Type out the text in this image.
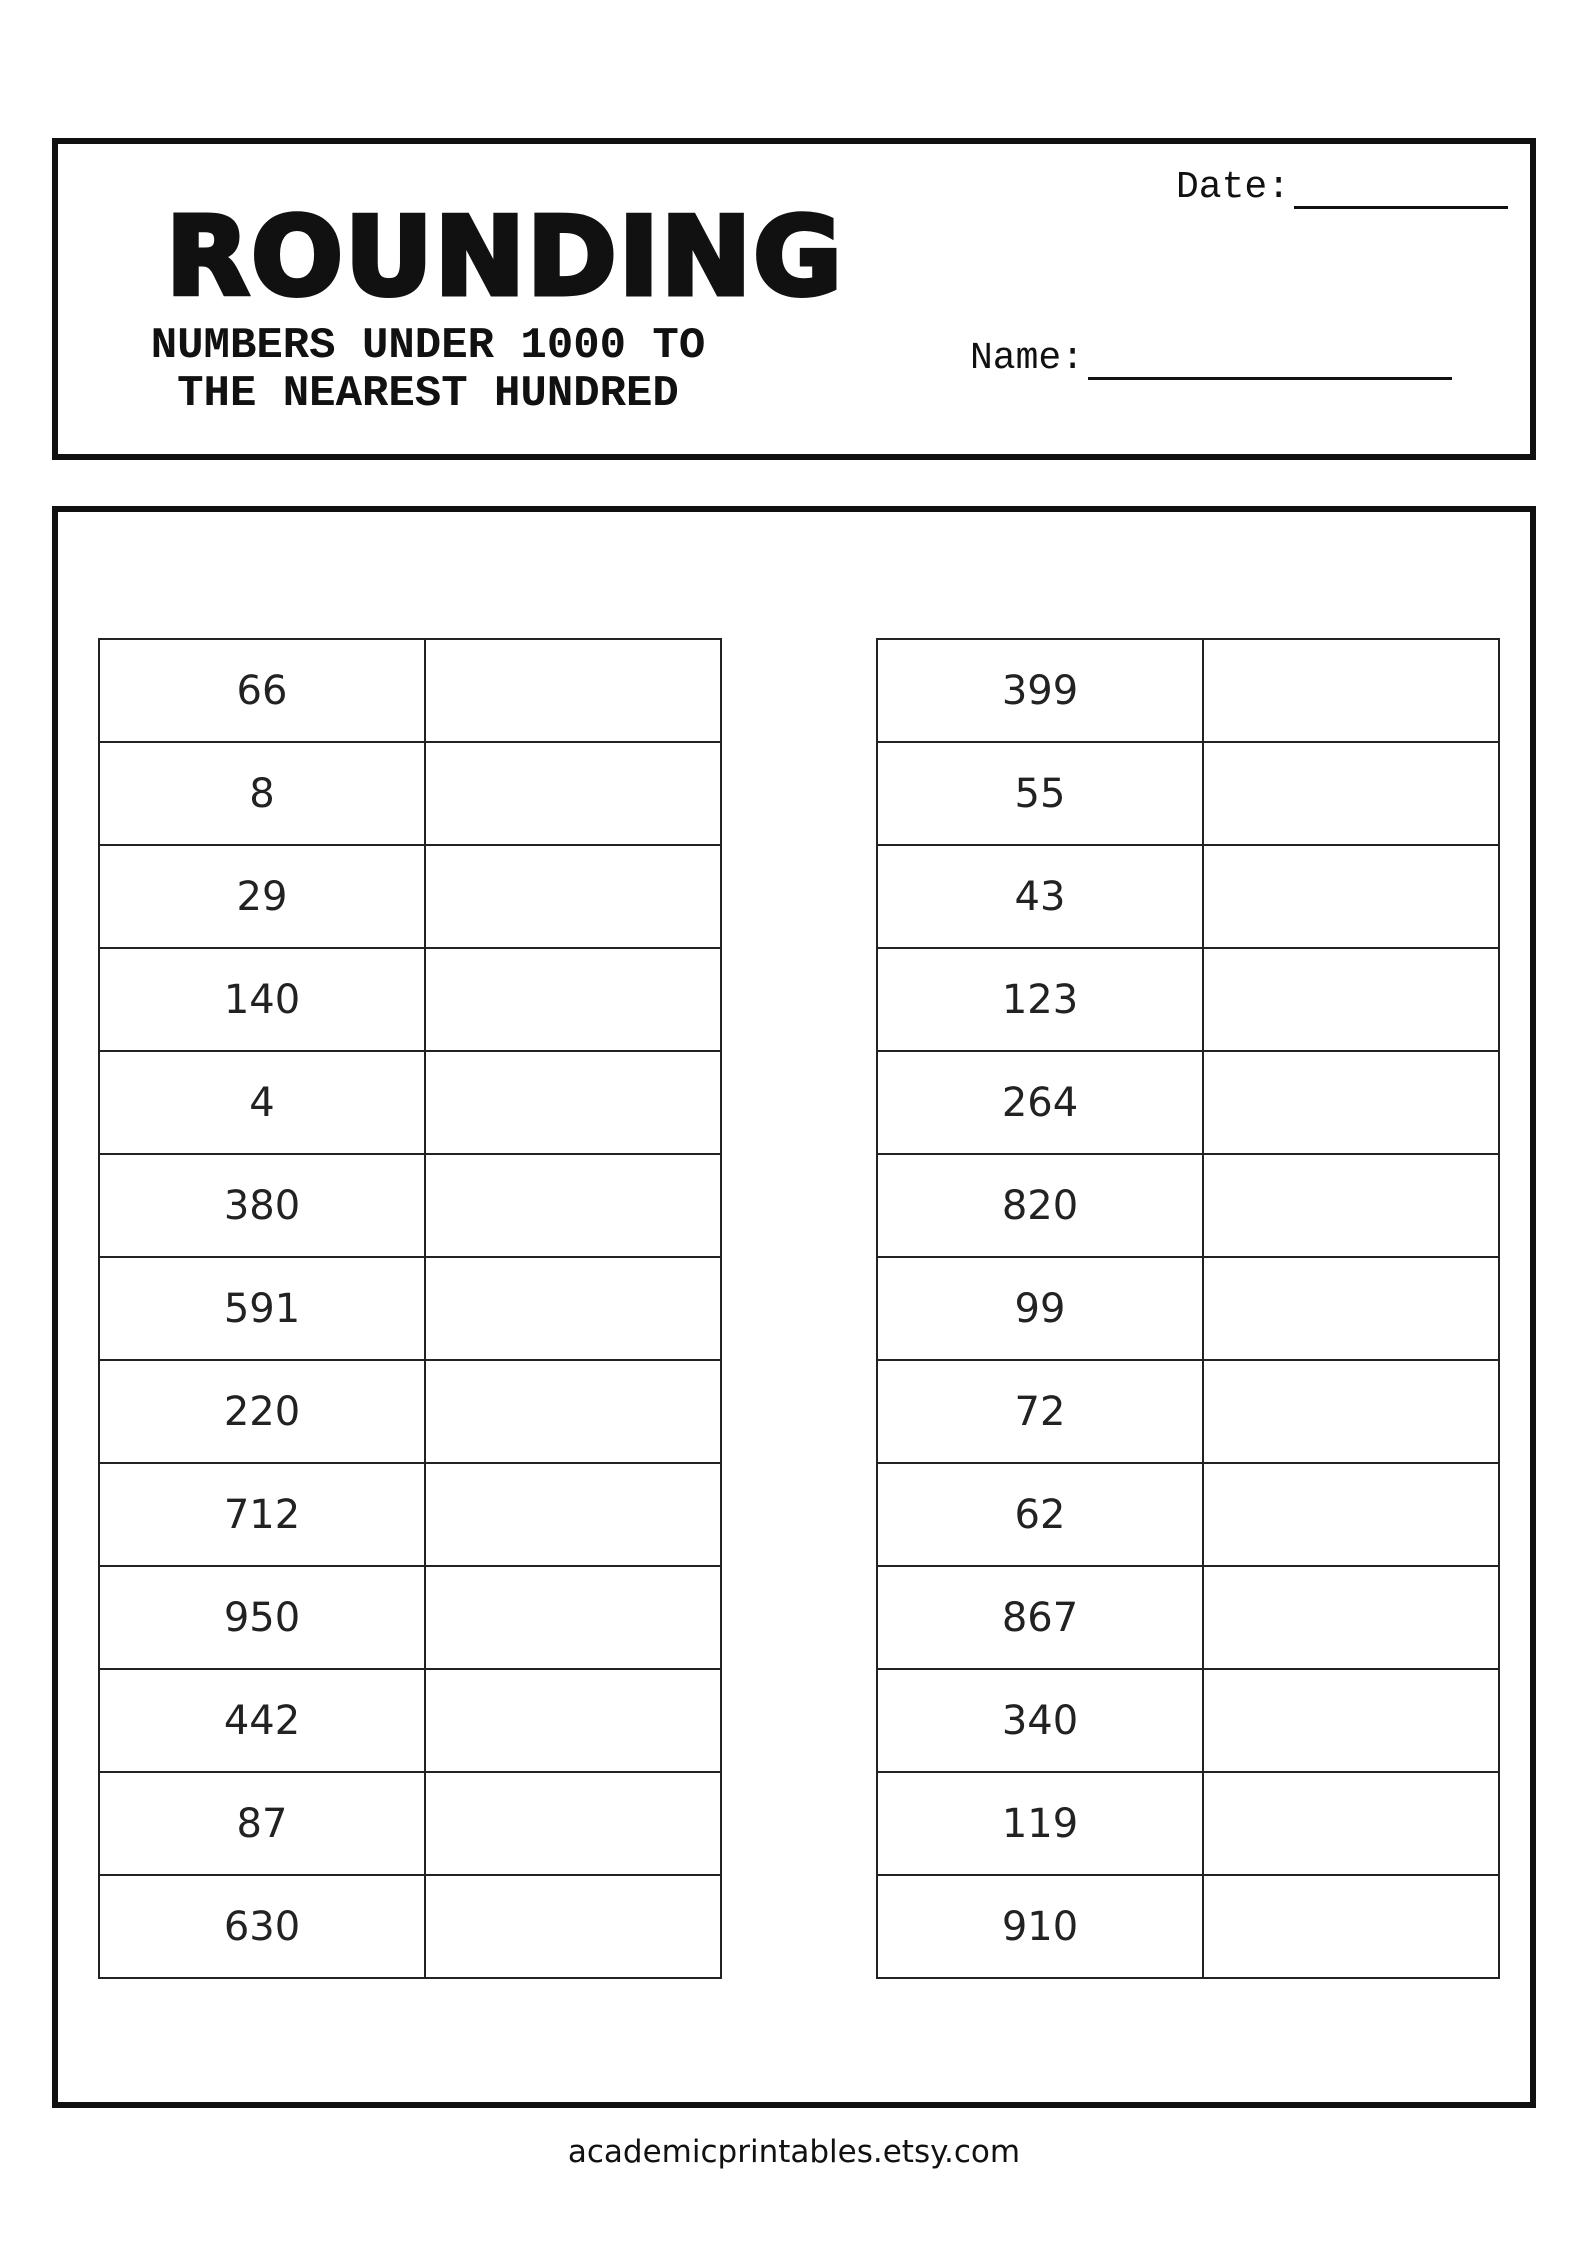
ROUNDING
NUMBERS UNDER 1000 TO
THE NEAREST HUNDRED
Date:
Name:
66	
8	
29	
140	
4	
380	
591	
220	
712	
950	
442	
87	
630	
399	
55	
43	
123	
264	
820	
99	
72	
62	
867	
340	
119	
910	
academicprintables.etsy.com
